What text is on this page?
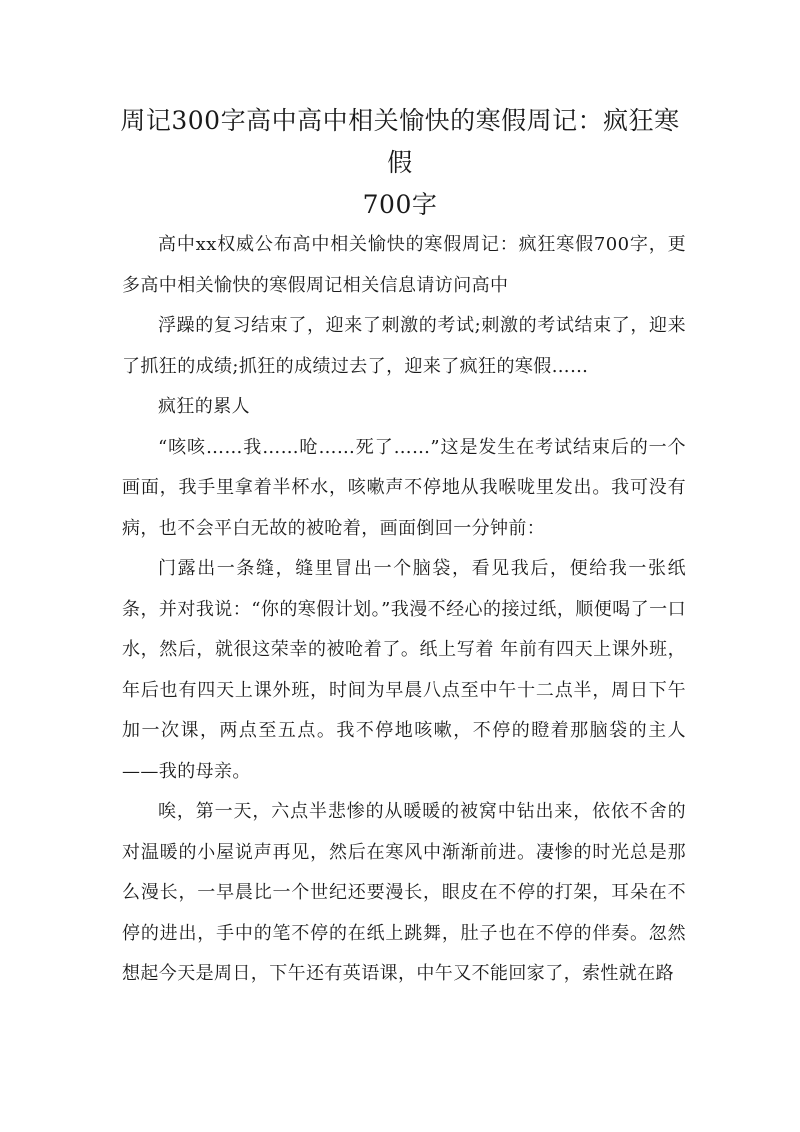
周记300字高中高中相关愉快的寒假周记：疯狂寒假
700字

高中xx权威公布高中相关愉快的寒假周记：疯狂寒假700字，更多高中相关愉快的寒假周记相关信息请访问高中

浮躁的复习结束了，迎来了刺激的考试;刺激的考试结束了，迎来了抓狂的成绩;抓狂的成绩过去了，迎来了疯狂的寒假……

疯狂的累人

“咳咳……我……呛……死了……”这是发生在考试结束后的一个画面，我手里拿着半杯水，咳嗽声不停地从我喉咙里发出。我可没有病，也不会平白无故的被呛着，画面倒回一分钟前：

门露出一条缝，缝里冒出一个脑袋，看见我后，便给我一张纸条，并对我说：“你的寒假计划。”我漫不经心的接过纸，顺便喝了一口水，然后，就很这荣幸的被呛着了。纸上写着 年前有四天上课外班，年后也有四天上课外班，时间为早晨八点至中午十二点半，周日下午加一次课，两点至五点。我不停地咳嗽，不停的瞪着那脑袋的主人——我的母亲。

唉，第一天，六点半悲惨的从暖暖的被窝中钻出来，依依不舍的对温暖的小屋说声再见，然后在寒风中渐渐前进。凄惨的时光总是那么漫长，一早晨比一个世纪还要漫长，眼皮在不停的打架，耳朵在不停的进出，手中的笔不停的在纸上跳舞，肚子也在不停的伴奏。忽然想起今天是周日，下午还有英语课，中午又不能回家了，索性就在路
